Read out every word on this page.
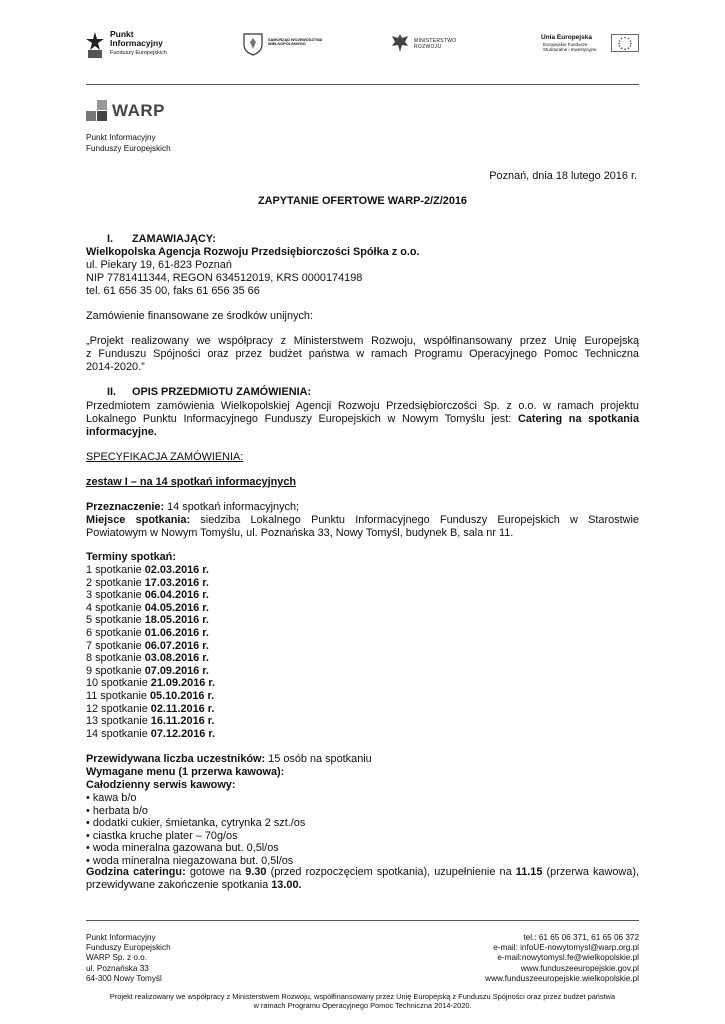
Punkt
Informacyjny
Funduszy Europejskich
SAMORZĄD WOJEWÓDZTWA
WIELKOPOLSKIEGO
MINISTERSTWO
ROZWOJU
Unia Europejska
Europejskie Fundusze
Strukturalne i Inwestycyjne
WARP
Punkt Informacyjny
Funduszy Europejskich
Poznań, dnia 18 lutego 2016 r.
ZAPYTANIE OFERTOWE WARP-2/Z/2016
I. ZAMAWIAJĄCY:
Wielkopolska Agencja Rozwoju Przedsiębiorczości Spółka z o.o.
ul. Piekary 19, 61-823 Poznań
NIP 7781411344, REGON 634512019, KRS 0000174198
tel. 61 656 35 00, faks 61 656 35 66
Zamówienie finansowane ze środków unijnych:
„Projekt realizowany we współpracy z Ministerstwem Rozwoju, współfinansowany przez Unię Europejską
z Funduszu Spójności oraz przez budżet państwa w ramach Programu Operacyjnego Pomoc Techniczna
2014-2020.”
II. OPIS PRZEDMIOTU ZAMÓWIENIA:
Przedmiotem zamówienia Wielkopolskiej Agencji Rozwoju Przedsiębiorczości Sp. z o.o. w ramach projektu
Lokalnego Punktu Informacyjnego Funduszy Europejskich w Nowym Tomyślu jest: Catering na spotkania
informacyjne.
SPECYFIKACJA ZAMÓWIENIA:
zestaw I – na 14 spotkań informacyjnych
Przeznaczenie: 14 spotkań informacyjnych;
Miejsce spotkania: siedziba Lokalnego Punktu Informacyjnego Funduszy Europejskich w Starostwie
Powiatowym w Nowym Tomyślu, ul. Poznańska 33, Nowy Tomyśl, budynek B, sala nr 11.
Terminy spotkań:
1 spotkanie 02.03.2016 r.
2 spotkanie 17.03.2016 r.
3 spotkanie 06.04.2016 r.
4 spotkanie 04.05.2016 r.
5 spotkanie 18.05.2016 r.
6 spotkanie 01.06.2016 r.
7 spotkanie 06.07.2016 r.
8 spotkanie 03.08.2016 r.
9 spotkanie 07.09.2016 r.
10 spotkanie 21.09.2016 r.
11 spotkanie 05.10.2016 r.
12 spotkanie 02.11.2016 r.
13 spotkanie 16.11.2016 r.
14 spotkanie 07.12.2016 r.
Przewidywana liczba uczestników: 15 osób na spotkaniu
Wymagane menu (1 przerwa kawowa):
Całodzienny serwis kawowy:
• kawa b/o
• herbata b/o
• dodatki cukier, śmietanka, cytrynka 2 szt./os
• ciastka kruche plater – 70g/os
• woda mineralna gazowana but. 0,5l/os
• woda mineralna niegazowana but. 0,5l/os
Godzina cateringu: gotowe na 9.30 (przed rozpoczęciem spotkania), uzupełnienie na 11.15 (przerwa kawowa),
przewidywane zakończenie spotkania 13.00.
Punkt Informacyjny
Funduszy Europejskich
WARP Sp. z o.o.
ul. Poznańska 33
64-300 Nowy Tomyśl
tel.: 61 65 06 371, 61 65 06 372
e-mail: infoUE-nowytomysl@warp.org.pl
e-mail:nowytomysl.fe@wielkopolskie.pl
www.funduszeeuropejskie.gov.pl
www.funduszeeuropejskie.wielkopolskie.pl
Projekt realizowany we współpracy z Ministerstwem Rozwoju, współfinansowany przez Unię Europejską z Funduszu Spójności oraz przez budżet państwa
w ramach Programu Operacyjnego Pomoc Techniczna 2014-2020.
